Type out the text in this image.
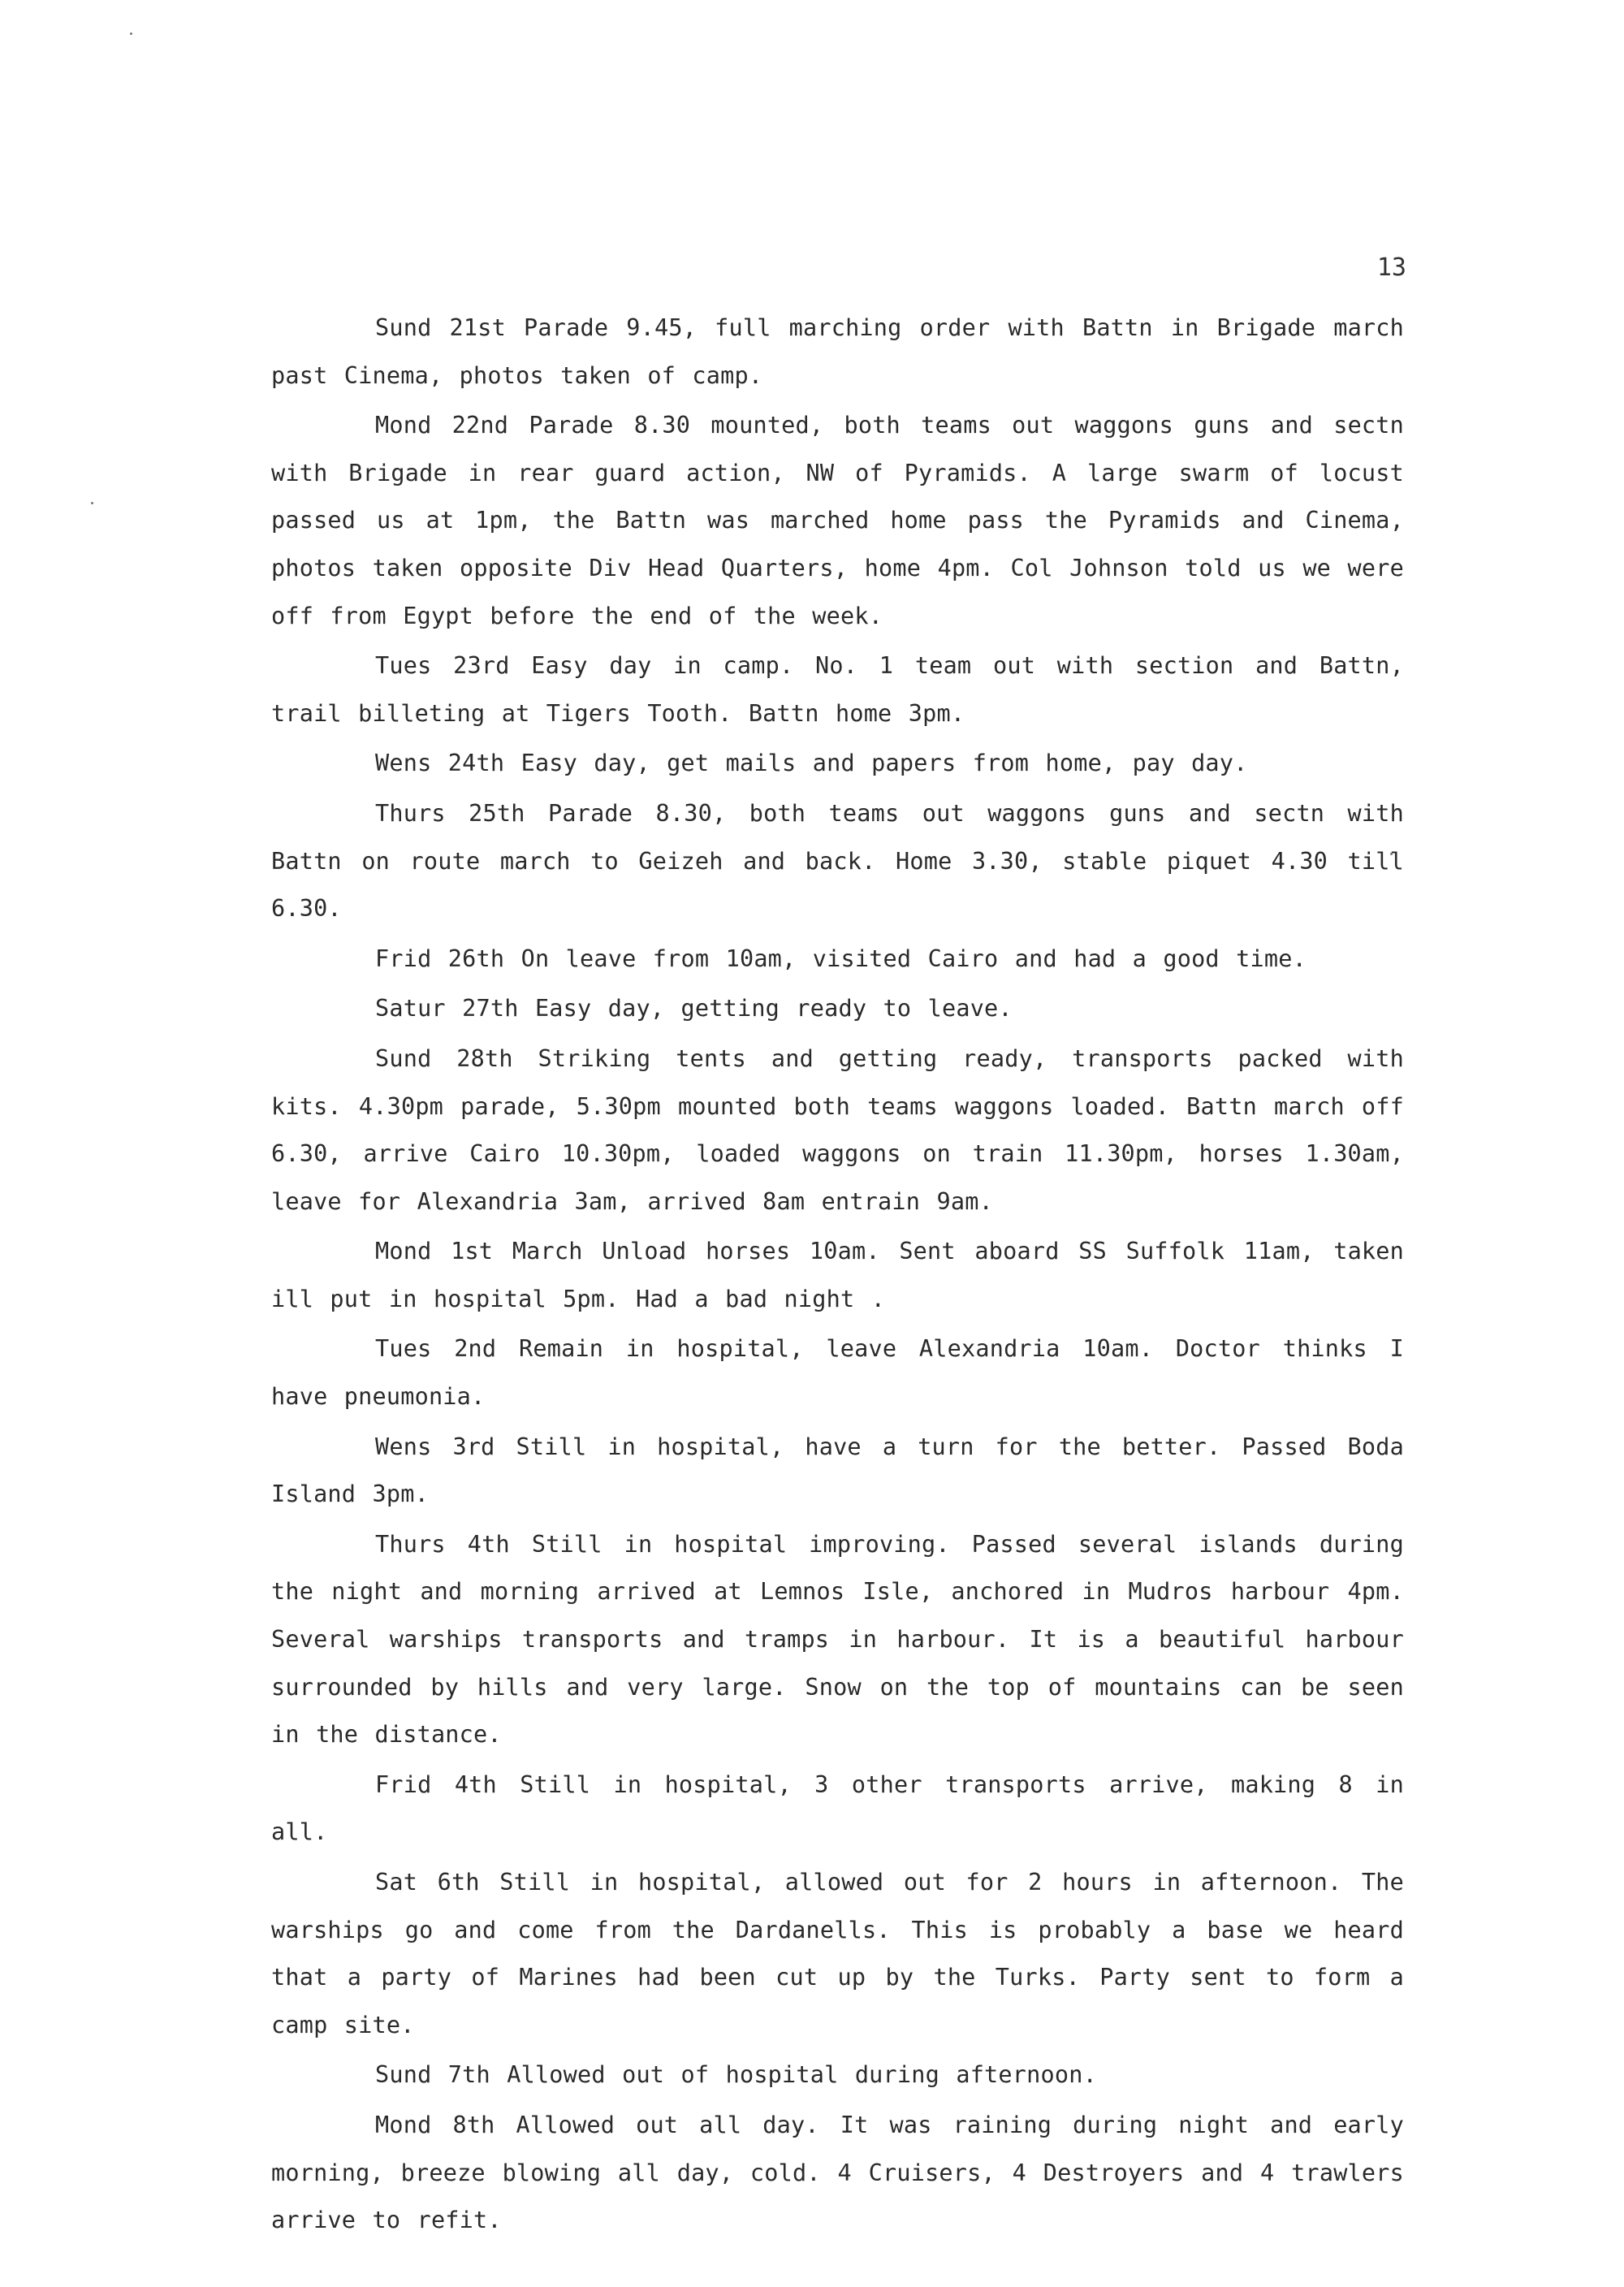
13

Sund 21st Parade 9.45, full marching order with Battn in Brigade march past Cinema, photos taken of camp.

Mond 22nd Parade 8.30 mounted, both teams out waggons guns and sectn with Brigade in rear guard action, NW of Pyramids. A large swarm of locust passed us at 1pm, the Battn was marched home pass the Pyramids and Cinema, photos taken opposite Div Head Quarters, home 4pm. Col Johnson told us we were off from Egypt before the end of the week.

Tues 23rd Easy day in camp. No. 1 team out with section and Battn, trail billeting at Tigers Tooth. Battn home 3pm.

Wens 24th Easy day, get mails and papers from home, pay day.

Thurs 25th Parade 8.30, both teams out waggons guns and sectn with Battn on route march to Geizeh and back. Home 3.30, stable piquet 4.30 till 6.30.

Frid 26th On leave from 10am, visited Cairo and had a good time.

Satur 27th Easy day, getting ready to leave.

Sund 28th Striking tents and getting ready, transports packed with kits. 4.30pm parade, 5.30pm mounted both teams waggons loaded. Battn march off 6.30, arrive Cairo 10.30pm, loaded waggons on train 11.30pm, horses 1.30am, leave for Alexandria 3am, arrived 8am entrain 9am.

Mond 1st March Unload horses 10am. Sent aboard SS Suffolk 11am, taken ill put in hospital 5pm. Had a bad night .

Tues 2nd Remain in hospital, leave Alexandria 10am. Doctor thinks I have pneumonia.

Wens 3rd Still in hospital, have a turn for the better. Passed Boda Island 3pm.

Thurs 4th Still in hospital improving. Passed several islands during the night and morning arrived at Lemnos Isle, anchored in Mudros harbour 4pm. Several warships transports and tramps in harbour. It is a beautiful harbour surrounded by hills and very large. Snow on the top of mountains can be seen in the distance.

Frid 4th Still in hospital, 3 other transports arrive, making 8 in all.

Sat 6th Still in hospital, allowed out for 2 hours in afternoon. The warships go and come from the Dardanells. This is probably a base we heard that a party of Marines had been cut up by the Turks. Party sent to form a camp site.

Sund 7th Allowed out of hospital during afternoon.

Mond 8th Allowed out all day. It was raining during night and early morning, breeze blowing all day, cold. 4 Cruisers, 4 Destroyers and 4 trawlers arrive to refit.
